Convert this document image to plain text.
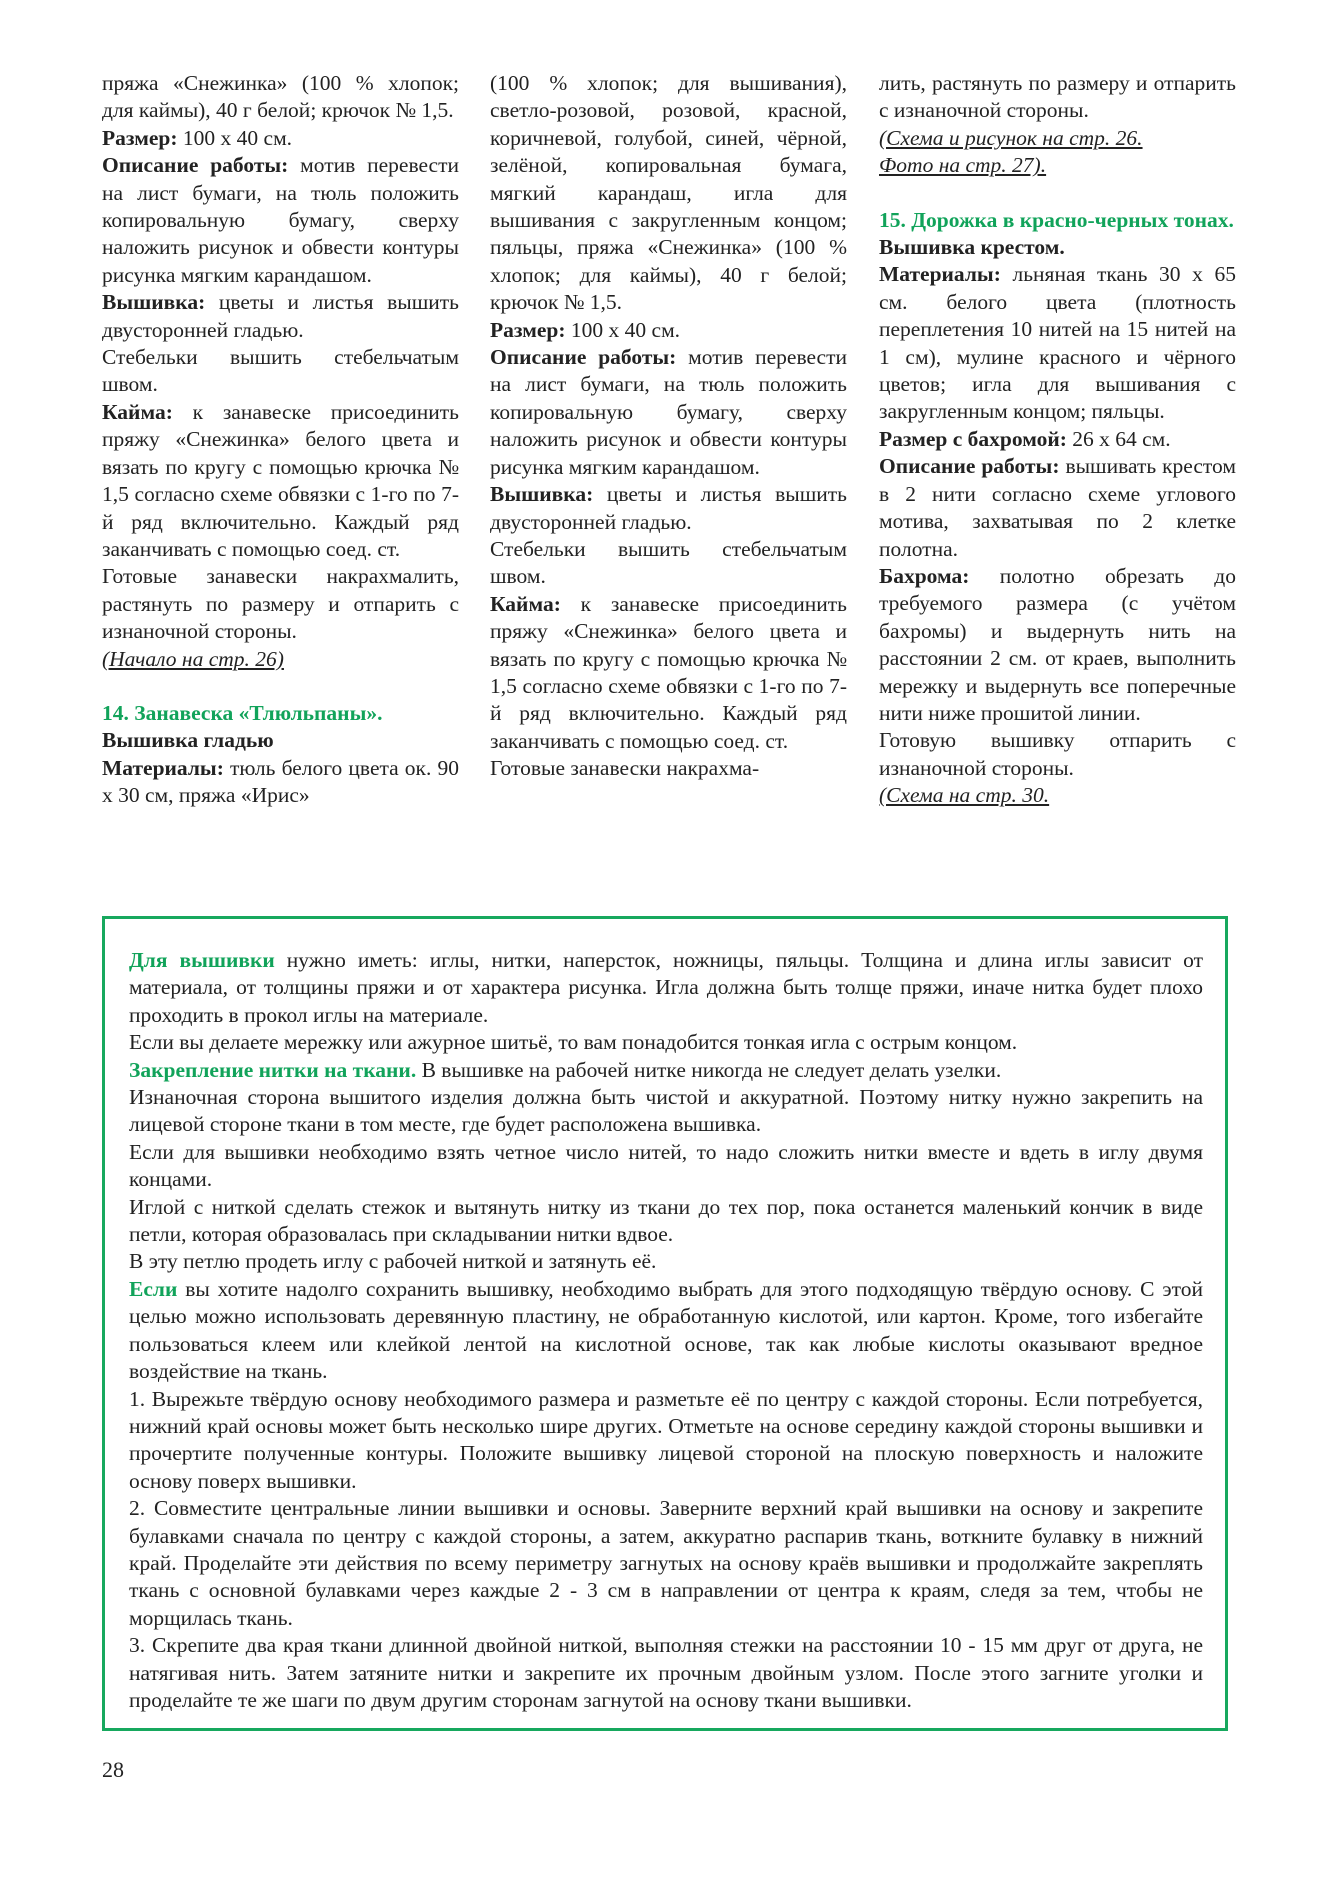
пряжа «Снежинка» (100 % хлопок; для каймы), 40 г белой; крючок № 1,5.

Размер: 100 х 40 см.

Описание работы: мотив перевести на лист бумаги, на тюль положить копировальную бумагу, сверху наложить рисунок и обвести контуры рисунка мягким карандашом.

Вышивка: цветы и листья вышить двусторонней гладью.

Стебельки вышить стебельчатым швом.

Кайма: к занавеске присоединить пряжу «Снежинка» белого цвета и вязать по кругу с помощью крючка № 1,5 согласно схеме обвязки с 1-го по 7-й ряд включительно. Каждый ряд заканчивать с помощью соед. ст.

Готовые занавески накрахмалить, растянуть по размеру и отпарить с изнаночной стороны.

(Начало на стр. 26)

14. Занавеска «Тлюльпаны».

Вышивка гладью

Материалы: тюль белого цвета ок. 90 х 30 см, пряжа «Ирис»

(100 % хлопок; для вышивания), светло-розовой, розовой, красной, коричневой, голубой, синей, чёрной, зелёной, копировальная бумага, мягкий карандаш, игла для вышивания с закругленным концом; пяльцы, пряжа «Снежинка» (100 % хлопок; для каймы), 40 г белой; крючок № 1,5.

Размер: 100 х 40 см.

Описание работы: мотив перевести на лист бумаги, на тюль положить копировальную бумагу, сверху наложить рисунок и обвести контуры рисунка мягким карандашом.

Вышивка: цветы и листья вышить двусторонней гладью.

Стебельки вышить стебельчатым швом.

Кайма: к занавеске присоединить пряжу «Снежинка» белого цвета и вязать по кругу с помощью крючка № 1,5 согласно схеме обвязки с 1-го по 7-й ряд включительно. Каждый ряд заканчивать с помощью соед. ст.

Готовые занавески накрахма-

лить, растянуть по размеру и отпарить с изнаночной стороны.

(Схема и рисунок на стр. 26.

Фото на стр. 27).

15. Дорожка в красно-черных тонах.

Вышивка крестом.

Материалы: льняная ткань 30 х 65 см. белого цвета (плотность переплетения 10 нитей на 15 нитей на 1 см), мулине красного и чёрного цветов; игла для вышивания с закругленным концом; пяльцы.

Размер с бахромой: 26 х 64 см.

Описание работы: вышивать крестом в 2 нити согласно схеме углового мотива, захватывая по 2 клетке полотна.

Бахрома: полотно обрезать до требуемого размера (с учётом бахромы) и выдернуть нить на расстоянии 2 см. от краев, выполнить мережку и выдернуть все поперечные нити ниже прошитой линии.

Готовую вышивку отпарить с изнаночной стороны.

(Схема на стр. 30.

Для вышивки нужно иметь: иглы, нитки, наперсток, ножницы, пяльцы. Толщина и длина иглы зависит от материала, от толщины пряжи и от характера рисунка. Игла должна быть толще пряжи, иначе нитка будет плохо проходить в прокол иглы на материале.

Если вы делаете мережку или ажурное шитьё, то вам понадобится тонкая игла с острым концом.

Закрепление нитки на ткани. В вышивке на рабочей нитке никогда не следует делать узелки.

Изнаночная сторона вышитого изделия должна быть чистой и аккуратной. Поэтому нитку нужно закрепить на лицевой стороне ткани в том месте, где будет расположена вышивка.

Если для вышивки необходимо взять четное число нитей, то надо сложить нитки вместе и вдеть в иглу двумя концами.

Иглой с ниткой сделать стежок и вытянуть нитку из ткани до тех пор, пока останется маленький кончик в виде петли, которая образовалась при складывании нитки вдвое.

В эту петлю продеть иглу с рабочей ниткой и затянуть её.

Если вы хотите надолго сохранить вышивку, необходимо выбрать для этого подходящую твёрдую основу. С этой целью можно использовать деревянную пластину, не обработанную кислотой, или картон. Кроме, того избегайте пользоваться клеем или клейкой лентой на кислотной основе, так как любые кислоты оказывают вредное воздействие на ткань.

1. Вырежьте твёрдую основу необходимого размера и разметьте её по центру с каждой стороны. Если потребуется, нижний край основы может быть несколько шире других. Отметьте на основе середину каждой стороны вышивки и прочертите полученные контуры. Положите вышивку лицевой стороной на плоскую поверхность и наложите основу поверх вышивки.

2. Совместите центральные линии вышивки и основы. Заверните верхний край вышивки на основу и закрепите булавками сначала по центру с каждой стороны, а затем, аккуратно распарив ткань, воткните булавку в нижний край. Проделайте эти действия по всему периметру загнутых на основу краёв вышивки и продолжайте закреплять ткань с основной булавками через каждые 2 - 3 см в направлении от центра к краям, следя за тем, чтобы не морщилась ткань.

3. Скрепите два края ткани длинной двойной ниткой, выполняя стежки на расстоянии 10 - 15 мм друг от друга, не натягивая нить. Затем затяните нитки и закрепите их прочным двойным узлом. После этого загните уголки и проделайте те же шаги по двум другим сторонам загнутой на основу ткани вышивки.

28
